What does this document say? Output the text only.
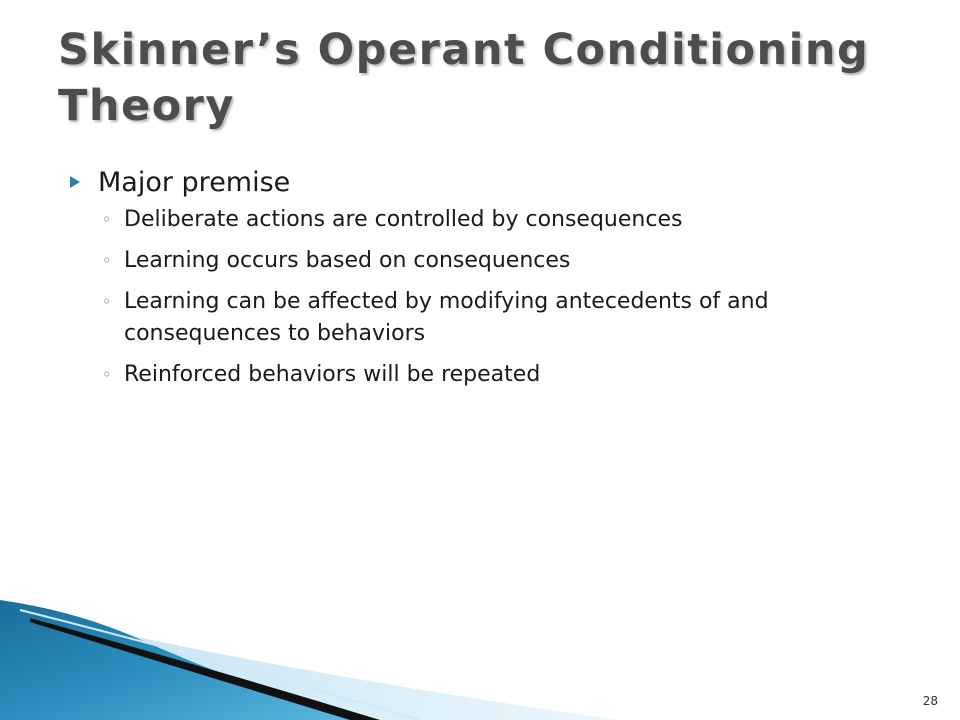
Skinner’s Operant Conditioning Theory
Major premise
◦ Deliberate actions are controlled by consequences
◦ Learning occurs based on consequences
◦ Learning can be affected by modifying antecedents of and consequences to behaviors
◦ Reinforced behaviors will be repeated
28
